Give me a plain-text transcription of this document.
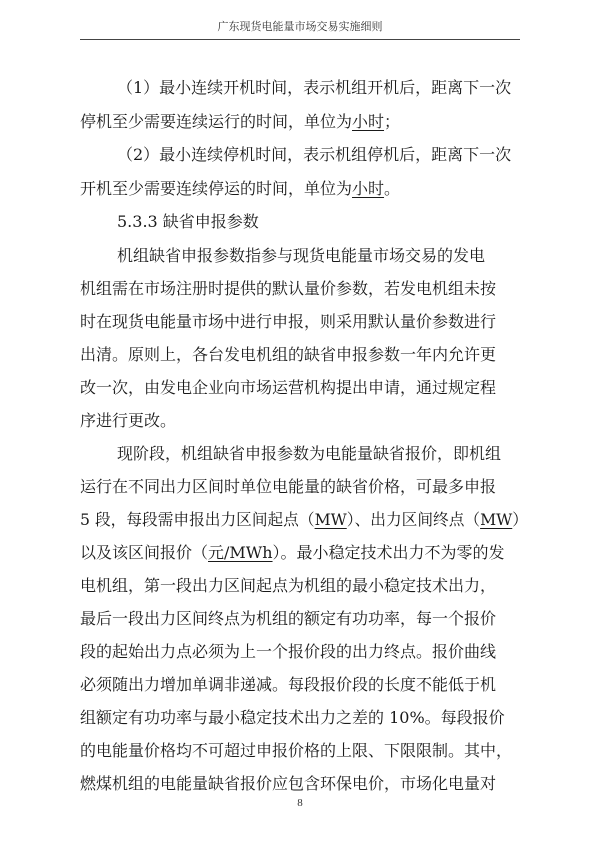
广东现货电能量市场交易实施细则
（1）最小连续开机时间，表示机组开机后，距离下一次
停机至少需要连续运行的时间，单位为小时；
（2）最小连续停机时间，表示机组停机后，距离下一次
开机至少需要连续停运的时间，单位为小时。
5.3.3 缺省申报参数
机组缺省申报参数指参与现货电能量市场交易的发电
机组需在市场注册时提供的默认量价参数，若发电机组未按
时在现货电能量市场中进行申报，则采用默认量价参数进行
出清。原则上，各台发电机组的缺省申报参数一年内允许更
改一次，由发电企业向市场运营机构提出申请，通过规定程
序进行更改。
现阶段，机组缺省申报参数为电能量缺省报价，即机组
运行在不同出力区间时单位电能量的缺省价格，可最多申报
5 段，每段需申报出力区间起点（MW）、出力区间终点（MW）
以及该区间报价（元/MWh）。最小稳定技术出力不为零的发
电机组，第一段出力区间起点为机组的最小稳定技术出力，
最后一段出力区间终点为机组的额定有功功率，每一个报价
段的起始出力点必须为上一个报价段的出力终点。报价曲线
必须随出力增加单调非递减。每段报价段的长度不能低于机
组额定有功功率与最小稳定技术出力之差的 10%。每段报价
的电能量价格均不可超过申报价格的上限、下限限制。其中，
燃煤机组的电能量缺省报价应包含环保电价，市场化电量对
8
